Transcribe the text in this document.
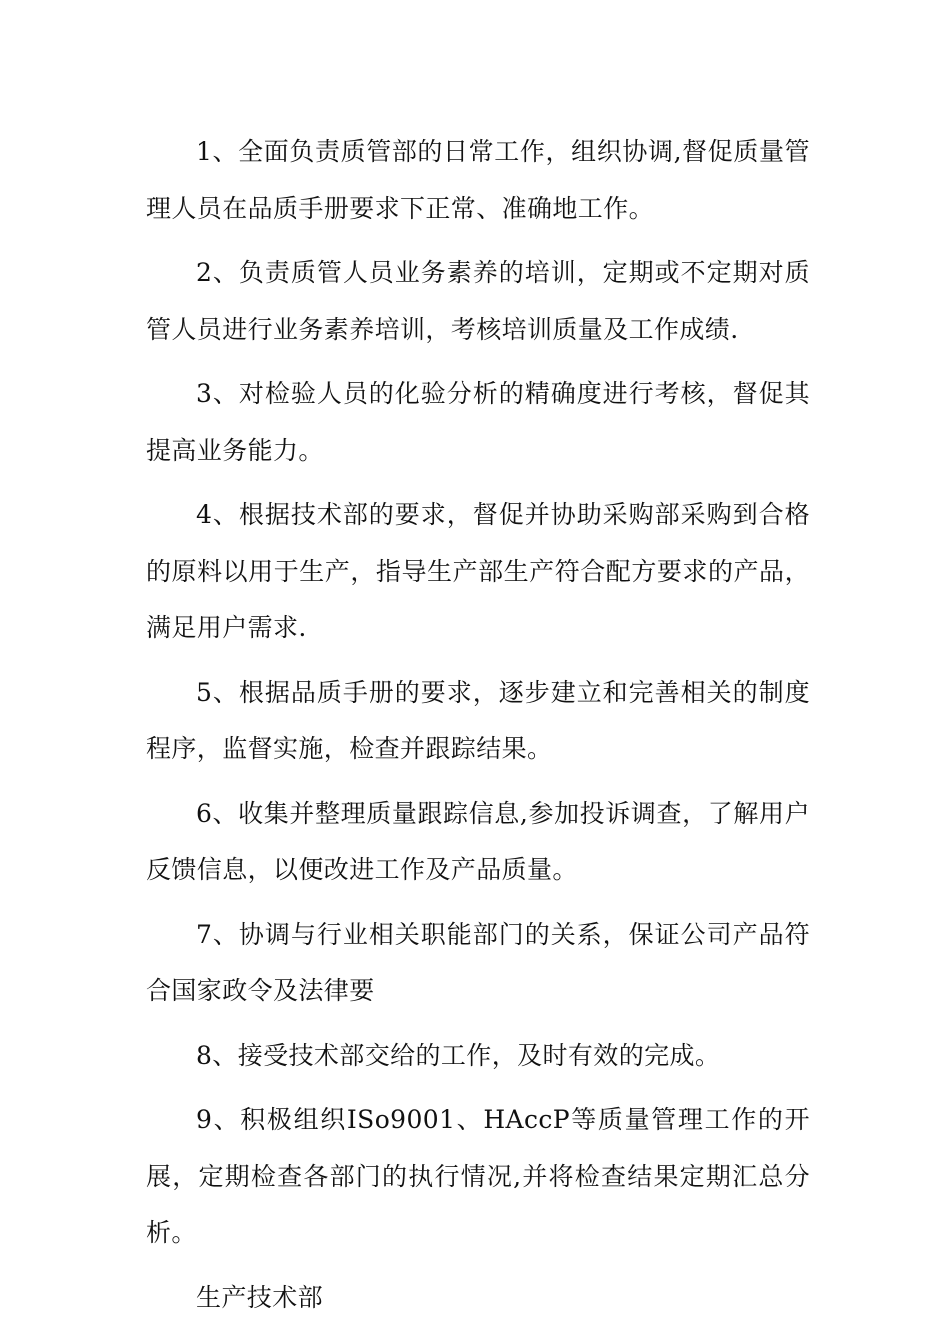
1、全面负责质管部的日常工作，组织协调,督促质量管理人员在品质手册要求下正常、准确地工作。

2、负责质管人员业务素养的培训，定期或不定期对质管人员进行业务素养培训，考核培训质量及工作成绩.

3、对检验人员的化验分析的精确度进行考核，督促其提高业务能力。

4、根据技术部的要求，督促并协助采购部采购到合格的原料以用于生产，指导生产部生产符合配方要求的产品，满足用户需求.

5、根据品质手册的要求，逐步建立和完善相关的制度程序，监督实施，检查并跟踪结果。

6、收集并整理质量跟踪信息,参加投诉调查，了解用户反馈信息，以便改进工作及产品质量。

7、协调与行业相关职能部门的关系，保证公司产品符合国家政令及法律要

8、接受技术部交给的工作，及时有效的完成。

9、积极组织ISo9001、HAccP等质量管理工作的开展，定期检查各部门的执行情况,并将检查结果定期汇总分析。

生产技术部
